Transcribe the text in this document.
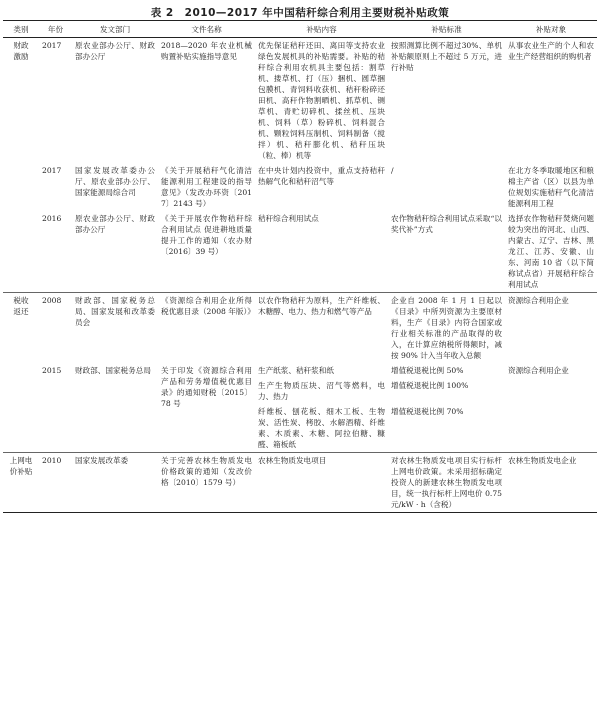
表 2　2010—2017 年中国秸秆综合利用主要财税补贴政策
类别	年份	发文部门	文件名称	补贴内容	补贴标准	补贴对象
财政
激励	2017	原农业部办公厅、财政部办公厅	2018—2020 年农业机械购置补贴实施指导意见	优先保证秸秆还田、离田等支持农业绿色发展机具的补贴需要。补贴的秸秆综合利用农机具主要包括：割草机、搂草机、打（压）捆机、圆草捆包膜机、青饲料收获机、秸秆粉碎还田机、高秆作物割晒机、抓草机、铡草机、青贮切碎机、揉丝机、压块机、饲料（草）粉碎机、饲料混合机、颗粒饲料压制机、饲料制备（搅拌）机、秸秆膨化机、秸秆压块（粒、棒）机等	按照测算比例不超过30%、单机补贴额原则上不超过 5 万元，进行补贴	从事农业生产的个人和农业生产经营组织的购机者
	2017	国家发展改革委办公厅、原农业部办公厅、国家能源局综合司	《关于开展秸秆气化清洁能源利用工程建设的指导意见》（发改办环资〔2017〕2143 号）	在中央计划内投资中，重点支持秸秆热解气化和秸秆沼气等	/	在北方冬季取暖地区和粮棉主产省（区）以县为单位规划实施秸秆气化清洁能源利用工程
	2016	原农业部办公厅、财政部办公厅	《关于开展农作物秸秆综合利用试点 促进耕地质量提升工作的通知（农办财〔2016〕39 号）	秸秆综合利用试点	农作物秸秆综合利用试点采取“以奖代补”方式	选择农作物秸秆焚烧问题较为突出的河北、山西、内蒙古、辽宁、吉林、黑龙江、江苏、安徽、山东、河南 10 省（以下简称试点省）开展秸秆综合利用试点
税收
返还	2008	财政部、国家税务总局、国家发展和改革委员会	《资源综合利用企业所得税优惠目录（2008 年版）》	以农作物秸秆为原料，生产纤维板、木糖醇、电力、热力和燃气等产品	企业自 2008 年 1 月 1 日起以《目录》中所列资源为主要原材料，生产《目录》内符合国家或行业相关标准的产品取得的收入，在计算应纳税所得额时，减按 90% 计入当年收入总额	资源综合利用企业
	2015	财政部、国家税务总局	关于印发《资源综合利用产品和劳务增值税优惠目录》的通知财税〔2015〕78 号	生产纸浆、秸秆浆和纸	增值税退税比例 50%	资源综合利用企业
				生产生物质压块、沼气等燃料，电力、热力	增值税退税比例 100%	
				纤维板、刨花板、细木工板、生物炭、活性炭、栲胶、水解酒精、纤维素、木质素、木糖、阿拉伯糖、糠醛、箱板纸	增值税退税比例 70%	
上网电
价补贴	2010	国家发展改革委	关于完善农林生物质发电价格政策的通知（发改价格〔2010〕1579 号）	农林生物质发电项目	对农林生物质发电项目实行标杆上网电价政策。未采用招标确定投资人的新建农林生物质发电项目，统一执行标杆上网电价 0.75 元/kW · h（含税）	农林生物质发电企业
